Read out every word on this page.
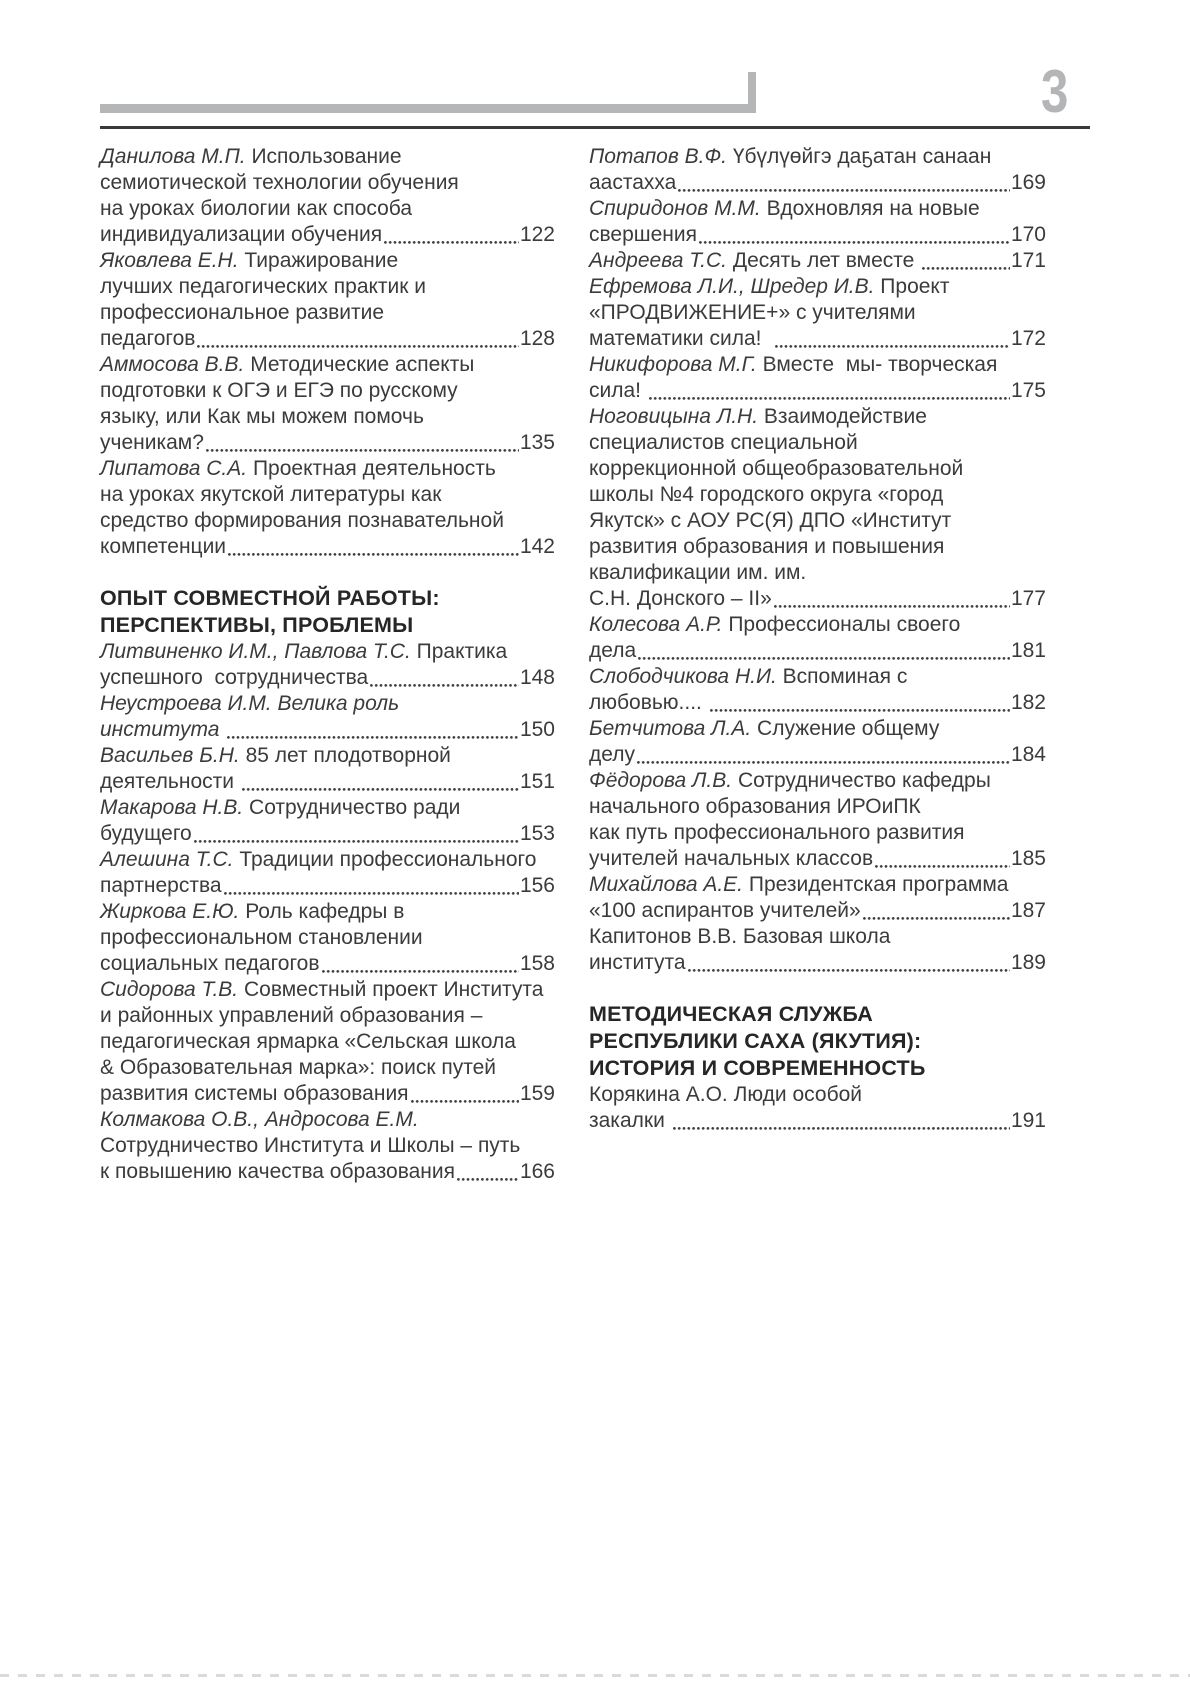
3
Данилова М.П. Использование
семиотической технологии обучения
на уроках биологии как способа
индивидуализации обучения	122
Яковлева Е.Н. Тиражирование
лучших педагогических практик и
профессиональное развитие
педагогов	128
Аммосова В.В. Методические аспекты
подготовки к ОГЭ и ЕГЭ по русскому
языку, или Как мы можем помочь
ученикам?	135
Липатова С.А. Проектная деятельность
на уроках якутской литературы как
средство формирования познавательной
компетенции	142
ОПЫТ СОВМЕСТНОЙ РАБОТЫ:
ПЕРСПЕКТИВЫ, ПРОБЛЕМЫ
Литвиненко И.М., Павлова Т.С. Практика
успешного  сотрудничества	148
Неустроева И.М. Велика роль
института	150
Васильев Б.Н. 85 лет плодотворной
деятельности	151
Макарова Н.В. Сотрудничество ради
будущего	153
Алешина Т.С. Традиции профессионального
партнерства	156
Жиркова Е.Ю. Роль кафедры в
профессиональном становлении
социальных педагогов	158
Сидорова Т.В. Совместный проект Института
и районных управлений образования –
педагогическая ярмарка «Сельская школа
& Образовательная марка»: поиск путей
развития системы образования	159
Колмакова О.В., Андросова Е.М.
Сотрудничество Института и Школы – путь
к повышению качества образования	166
Потапов В.Ф. Үбүлүөйгэ даҕатан санаан
аастахха	169
Спиридонов М.М. Вдохновляя на новые
свершения	170
Андреева Т.С. Десять лет вместе	171
Ефремова Л.И., Шредер И.В. Проект
«ПРОДВИЖЕНИЕ+» с учителями
математики сила!	172
Никифорова М.Г. Вместе  мы- творческая
сила!	175
Ноговицына Л.Н. Взаимодействие
специалистов специальной
коррекционной общеобразовательной
школы №4 городского округа «город
Якутск» с АОУ РС(Я) ДПО «Институт
развития образования и повышения
квалификации им. им.
С.Н. Донского – II»	177
Колесова А.Р. Профессионалы своего
дела	181
Слободчикова Н.И. Вспоминая с
любовью....	182
Бетчитова Л.А. Служение общему
делу	184
Фёдорова Л.В. Сотрудничество кафедры
начального образования ИРОиПК
как путь профессионального развития
учителей начальных классов	185
Михайлова А.Е. Президентская программа
«100 аспирантов учителей»	187
Капитонов В.В. Базовая школа
института	189
МЕТОДИЧЕСКАЯ СЛУЖБА
РЕСПУБЛИКИ САХА (ЯКУТИЯ):
ИСТОРИЯ И СОВРЕМЕННОСТЬ
Корякина А.О. Люди особой
закалки	191
